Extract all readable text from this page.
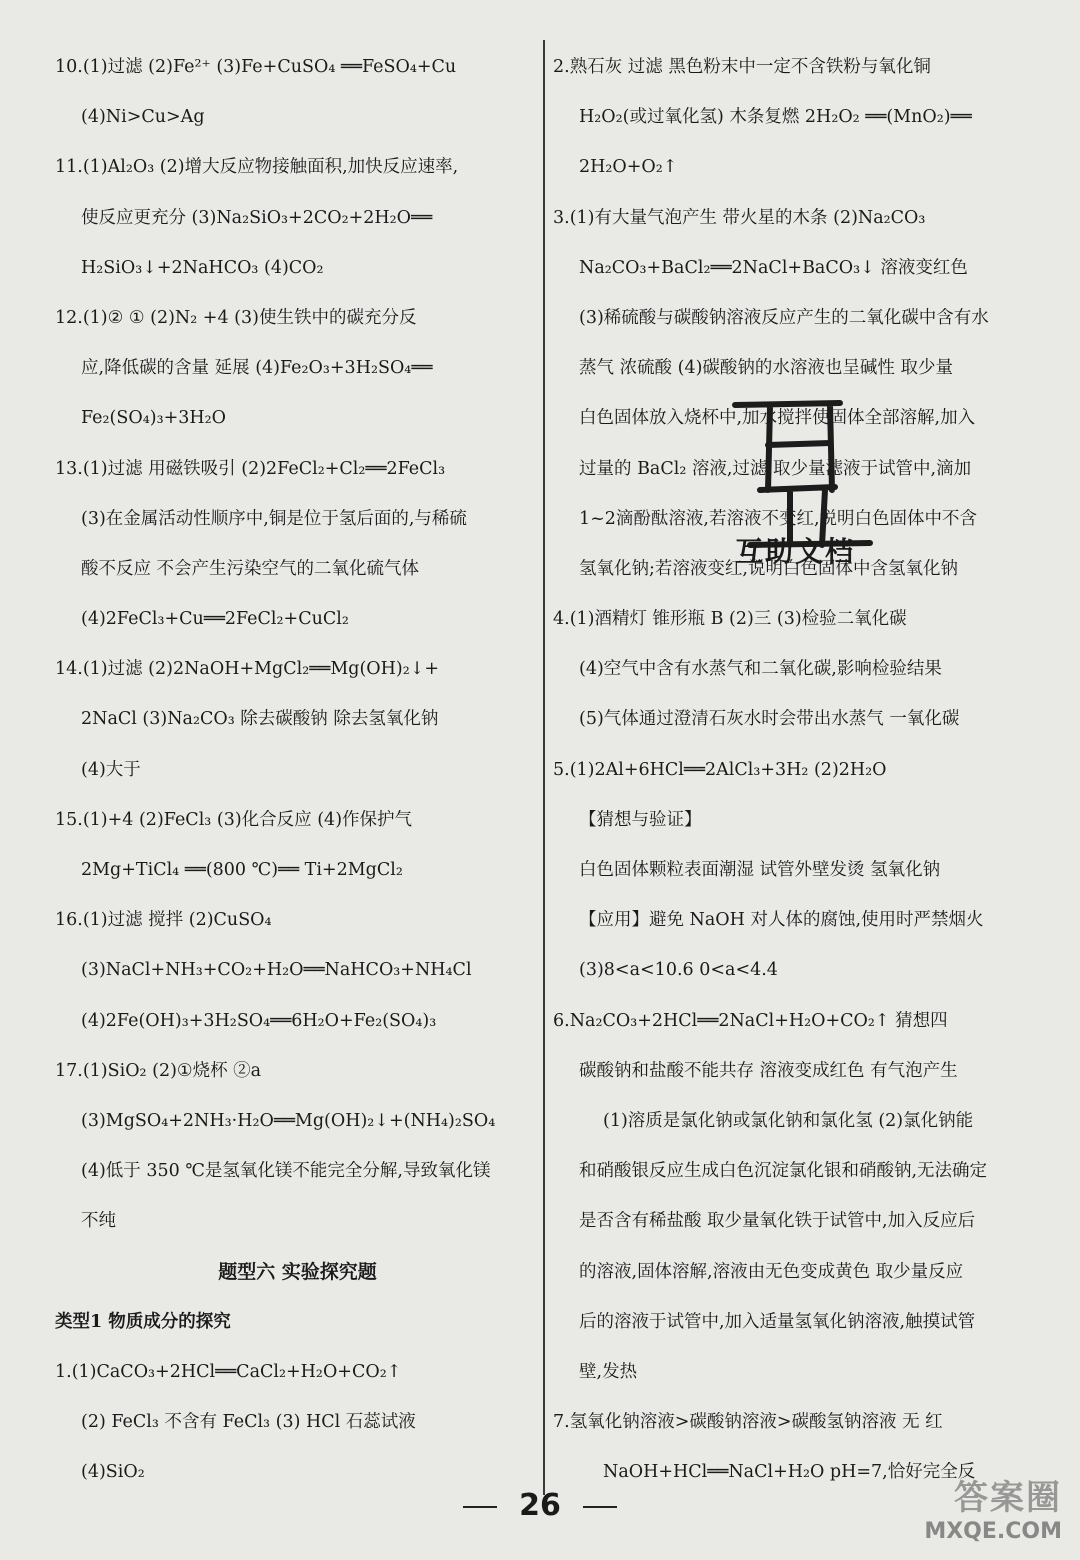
10.(1)过滤 (2)Fe²⁺ (3)Fe+CuSO₄ ══FeSO₄+Cu
(4)Ni>Cu>Ag
11.(1)Al₂O₃ (2)增大反应物接触面积,加快反应速率,
使反应更充分 (3)Na₂SiO₃+2CO₂+2H₂O══
H₂SiO₃↓+2NaHCO₃ (4)CO₂
12.(1)② ① (2)N₂ +4 (3)使生铁中的碳充分反
应,降低碳的含量 延展 (4)Fe₂O₃+3H₂SO₄══
Fe₂(SO₄)₃+3H₂O
13.(1)过滤 用磁铁吸引 (2)2FeCl₂+Cl₂══2FeCl₃
(3)在金属活动性顺序中,铜是位于氢后面的,与稀硫
酸不反应 不会产生污染空气的二氧化硫气体
(4)2FeCl₃+Cu══2FeCl₂+CuCl₂
14.(1)过滤 (2)2NaOH+MgCl₂══Mg(OH)₂↓+
2NaCl (3)Na₂CO₃ 除去碳酸钠 除去氢氧化钠
(4)大于
15.(1)+4 (2)FeCl₃ (3)化合反应 (4)作保护气
2Mg+TiCl₄ ══(800 ℃)══ Ti+2MgCl₂
16.(1)过滤 搅拌 (2)CuSO₄
(3)NaCl+NH₃+CO₂+H₂O══NaHCO₃+NH₄Cl
(4)2Fe(OH)₃+3H₂SO₄══6H₂O+Fe₂(SO₄)₃
17.(1)SiO₂ (2)①烧杯 ②a
(3)MgSO₄+2NH₃·H₂O══Mg(OH)₂↓+(NH₄)₂SO₄
(4)低于 350 ℃是氢氧化镁不能完全分解,导致氧化镁
不纯
题型六 实验探究题
类型1 物质成分的探究
1.(1)CaCO₃+2HCl══CaCl₂+H₂O+CO₂↑
(2) FeCl₃ 不含有 FeCl₃ (3) HCl 石蕊试液
(4)SiO₂
2.熟石灰 过滤 黑色粉末中一定不含铁粉与氧化铜
H₂O₂(或过氧化氢) 木条复燃 2H₂O₂ ══(MnO₂)══
2H₂O+O₂↑
3.(1)有大量气泡产生 带火星的木条 (2)Na₂CO₃
Na₂CO₃+BaCl₂══2NaCl+BaCO₃↓ 溶液变红色
(3)稀硫酸与碳酸钠溶液反应产生的二氧化碳中含有水
蒸气 浓硫酸 (4)碳酸钠的水溶液也呈碱性 取少量
白色固体放入烧杯中,加水搅拌使固体全部溶解,加入
过量的 BaCl₂ 溶液,过滤,取少量滤液于试管中,滴加
1~2滴酚酞溶液,若溶液不变红,说明白色固体中不含
氢氧化钠;若溶液变红,说明白色固体中含氢氧化钠
4.(1)酒精灯 锥形瓶 B (2)三 (3)检验二氧化碳
(4)空气中含有水蒸气和二氧化碳,影响检验结果
(5)气体通过澄清石灰水时会带出水蒸气 一氧化碳
5.(1)2Al+6HCl══2AlCl₃+3H₂ (2)2H₂O
【猜想与验证】
白色固体颗粒表面潮湿 试管外壁发烫 氢氧化钠
【应用】避免 NaOH 对人体的腐蚀,使用时严禁烟火
(3)8<a<10.6 0<a<4.4
6.Na₂CO₃+2HCl══2NaCl+H₂O+CO₂↑ 猜想四
碳酸钠和盐酸不能共存 溶液变成红色 有气泡产生
(1)溶质是氯化钠或氯化钠和氯化氢 (2)氯化钠能
和硝酸银反应生成白色沉淀氯化银和硝酸钠,无法确定
是否含有稀盐酸 取少量氧化铁于试管中,加入反应后
的溶液,固体溶解,溶液由无色变成黄色 取少量反应
后的溶液于试管中,加入适量氢氧化钠溶液,触摸试管
壁,发热
7.氢氧化钠溶液>碳酸钠溶液>碳酸氢钠溶液 无 红
NaOH+HCl══NaCl+H₂O pH=7,恰好完全反
互助文档
26	答案圈
MXQE.COM
